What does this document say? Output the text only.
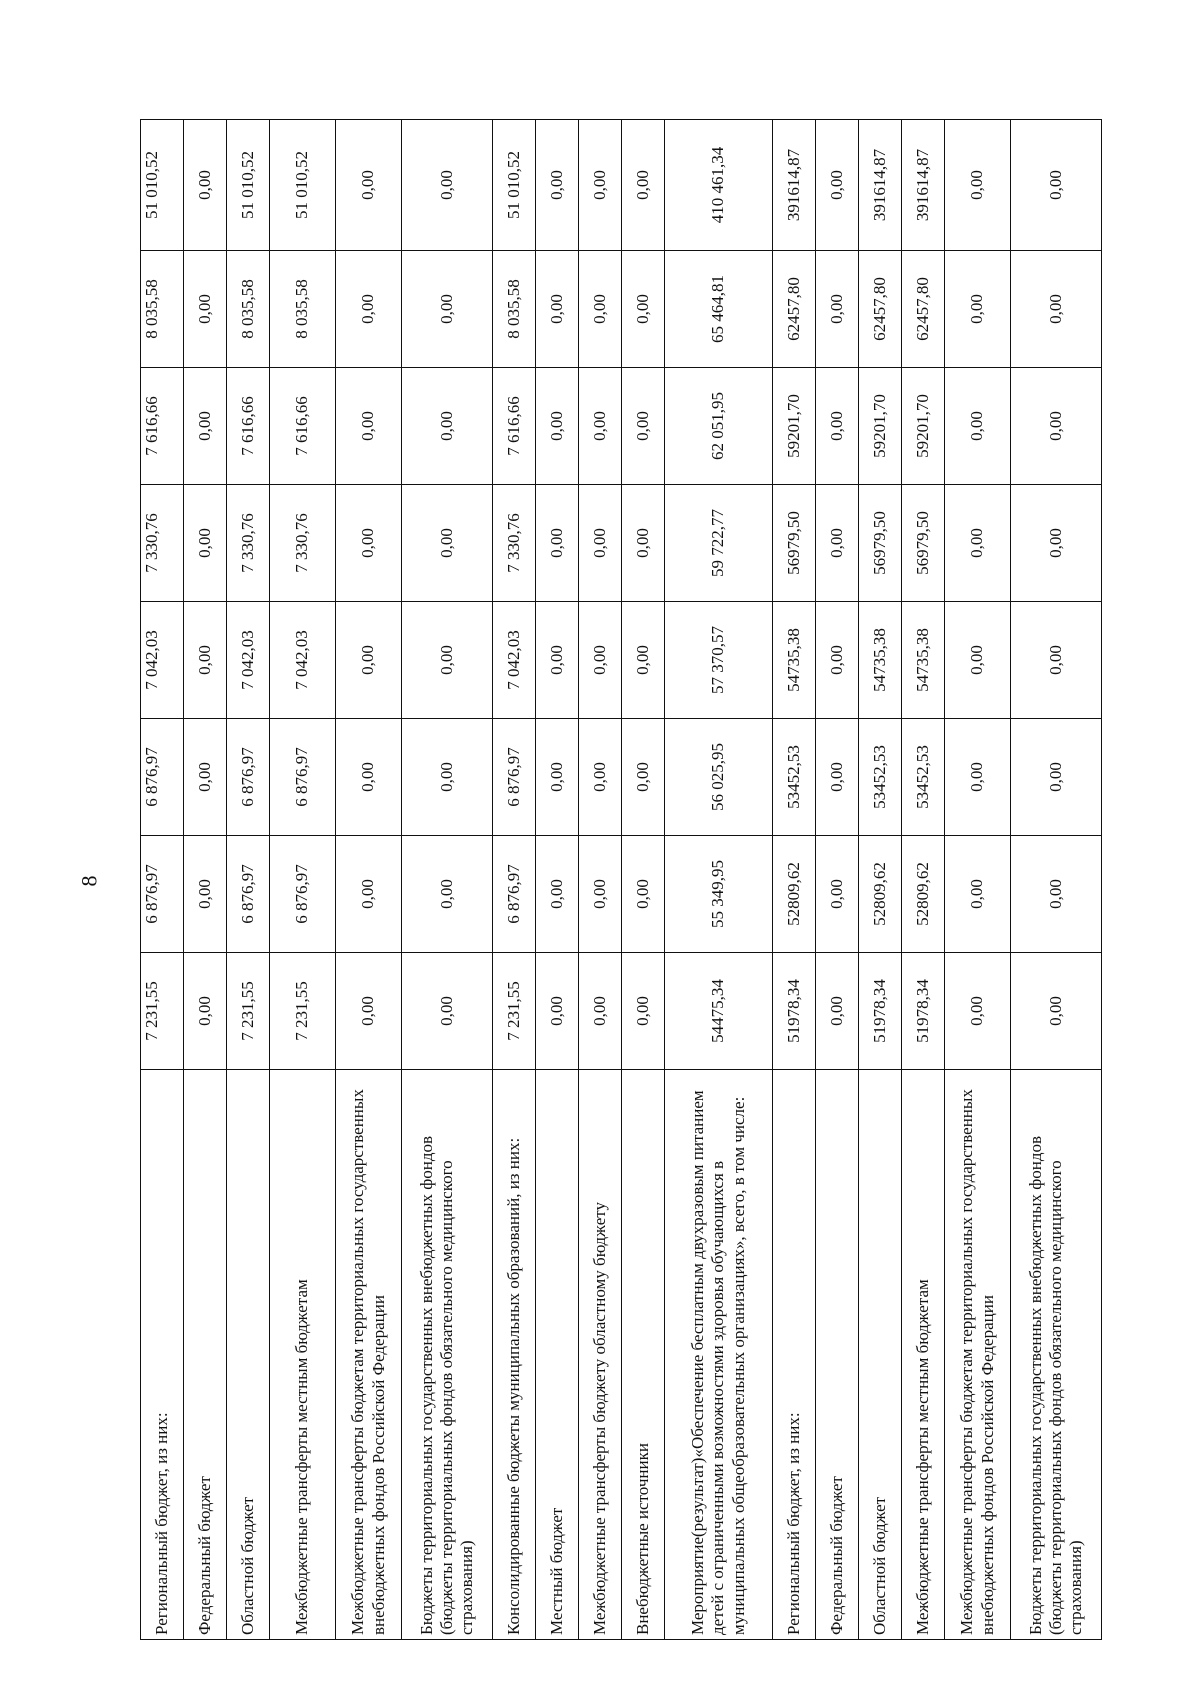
8
Региональный бюджет, из них:	7 231,55	6 876,97	6 876,97	7 042,03	7 330,76	7 616,66	8 035,58	51 010,52
Федеральный бюджет	0,00	0,00	0,00	0,00	0,00	0,00	0,00	0,00
Областной бюджет	7 231,55	6 876,97	6 876,97	7 042,03	7 330,76	7 616,66	8 035,58	51 010,52
Межбюджетные трансферты местным бюджетам	7 231,55	6 876,97	6 876,97	7 042,03	7 330,76	7 616,66	8 035,58	51 010,52
Межбюджетные трансферты бюджетам территориальных государственных внебюджетных фондов Российской Федерации	0,00	0,00	0,00	0,00	0,00	0,00	0,00	0,00
Бюджеты территориальных государственных внебюджетных фондов (бюджеты территориальных фондов обязательного медицинского страхования)	0,00	0,00	0,00	0,00	0,00	0,00	0,00	0,00
Консолидированные бюджеты муниципальных образований, из них:	7 231,55	6 876,97	6 876,97	7 042,03	7 330,76	7 616,66	8 035,58	51 010,52
Местный бюджет	0,00	0,00	0,00	0,00	0,00	0,00	0,00	0,00
Межбюджетные трансферты бюджету областному бюджету	0,00	0,00	0,00	0,00	0,00	0,00	0,00	0,00
Внебюджетные источники	0,00	0,00	0,00	0,00	0,00	0,00	0,00	0,00
Мероприятие(результат)«Обеспечение бесплатным двухразовым питанием детей с ограниченными возможностями здоровья обучающихся в муниципальных общеобразовательных организациях», всего, в том числе:	54475,34	55 349,95	56 025,95	57 370,57	59 722,77	62 051,95	65 464,81	410 461,34
Региональный бюджет, из них:	51978,34	52809,62	53452,53	54735,38	56979,50	59201,70	62457,80	391614,87
Федеральный бюджет	0,00	0,00	0,00	0,00	0,00	0,00	0,00	0,00
Областной бюджет	51978,34	52809,62	53452,53	54735,38	56979,50	59201,70	62457,80	391614,87
Межбюджетные трансферты местным бюджетам	51978,34	52809,62	53452,53	54735,38	56979,50	59201,70	62457,80	391614,87
Межбюджетные трансферты бюджетам территориальных государственных внебюджетных фондов Российской Федерации	0,00	0,00	0,00	0,00	0,00	0,00	0,00	0,00
Бюджеты территориальных государственных внебюджетных фондов (бюджеты территориальных фондов обязательного медицинского страхования)	0,00	0,00	0,00	0,00	0,00	0,00	0,00	0,00
